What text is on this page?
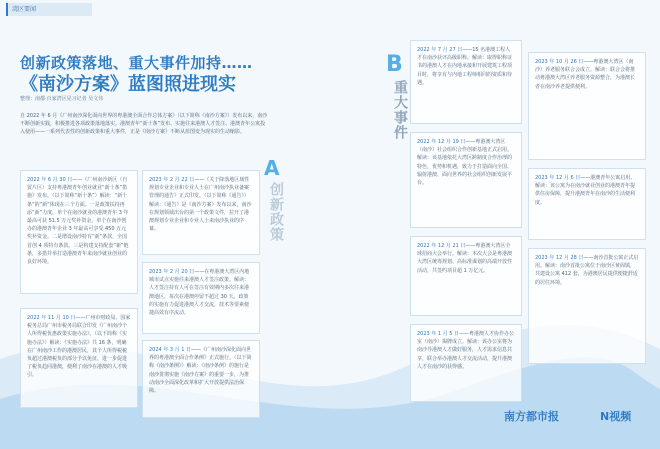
湾区要闻
创新政策落地、重大事件加持……
《南沙方案》蓝图照进现实
整理：南都·百家湾区见习记者 吴文伟
自 2022 年 6 月《广州南沙深化面向世界的粤港澳全面合作总体方案》（以下简称《南沙方案》）发布以来，南沙不断创新实践，积极推进各项政策落地落实。港澳青年“新十条”发布、实施往来港澳人才签注、港澳青年公寓投入使用——一系列代表性的创新政策和重大事件，正是《南沙方案》不断从蓝图变为现实的生动缩影。
A
创新政策
B
重大事件
2022 年 6 月 30 日——《广州南沙新区（自贸片区）支持粤港澳青年创业就业“新十条”措施》发布。（以下简称“新十条”）解读：“新十条”的“新”体现在三个方面。一是政策扶持再添“新”力度，单个在南沙就业的港澳青年 3 年最高可获 51.5 万元奖补资金，单个在南沙创办的港澳青年企业 3 年最高可享受 450 万元奖补资金。二是增设南沙特有“新”条款，全国首创 4 项特有条款。三是构建支持配套“新”链条，多措并举打造港澳青年来南沙就业创业的良好环境。
2022 年 11 月 10 日——广州市财政局、国家税务总局广州市税务局联合印发《广州南沙个人所得税优惠政策实施办法》。（以下简称《实施办法》）解读：《实施办法》共 16 条，明确在广州南沙工作的港澳居民，其个人所得税税负超过港澳税负的部分予以免征，进一步促进了税负趋同港澳，便利了南沙在港澳的人才吸引。
2023 年 2 月 22 日——《关于降落地区域性规划专业企业和专业人士在广州南沙执业备案管理的通告》正式印发。（以下简称《通告》）解读：《通告》是《南沙方案》发布以来，南沙在规划领域出台的第一个政策文件，拉开了港澳规划专业企业和专业人士来南沙执业的序幕。
2023 年 2 月 20 日——在粤港澳大湾区内地城市试点实施往来港澳人才签注政策。解读：人才签注持有人可在签注有效期内多次往来港澳地区，每次在港澳停留不超过 30 天。政策的实施有力促进港澳人才交流，技术等要素便捷高效有序流动。
2024 年 3 月 1 日——《广州南沙深化面向世界的粤港澳全面合作条例》正式施行。（以下简称《南沙条例》）解读：《南沙条例》的施行是南沙贯彻实施《南沙方案》的重要一步，为推动南沙全面深化改革和扩大开放提供法治保障。
2022 年 7 月 27 日——15 名港澳工程人才在南沙获评高级职称。解读：取得职称证书的港澳人才在内地承接和开展建筑工程项目时，将享有与内地工程师相同的资质和待遇。
2022 年 12 月 19 日——粤港澳大湾区（南沙）社会组织合作创新基地正式启用。解读：该基地依托大湾区跨制度合作治理的特色，优势和机遇，致力于打造面向全国、辐射港澳、面向世界的社会组织创新发展平台。
2022 年 12 月 21 日——粤港澳大湾区全球招商大会举行。解读：本次大会是粤港澳大湾区统筹规划、高标准谋划的高端开放性活动，共签约项目超 1 万亿元。
2023 年 1 月 5 日——粤港澳人才协作办公室（南沙）揭牌成立。解读：该办公室将为南沙导港澳人才做好服务，人才需求信息共享，联合举办港澳人才交流活动，提升港澳人才在南沙的获得感。
2023 年 10 月 26 日——粤港澳大湾区（南沙）养老服务联合会成立。解读：联合会将推动粤港澳大湾区养老服务资源整合，为港澳长者在南沙养老提供便利。
2023 年 12 月 6 日——港澳青年公寓启用。解读：该公寓为在南沙就业创业的港澳青年提供住房保障，提升港澳青年在南沙的生活便利度。
2023 年 12 月 28 日——南沙首批公寓正式启用。解读：南沙首批公寓位于南沙区黄阁镇，共建设公寓 412 套，为港澳居民提供便捷舒适的居住环境。
南方都市报	N视频
